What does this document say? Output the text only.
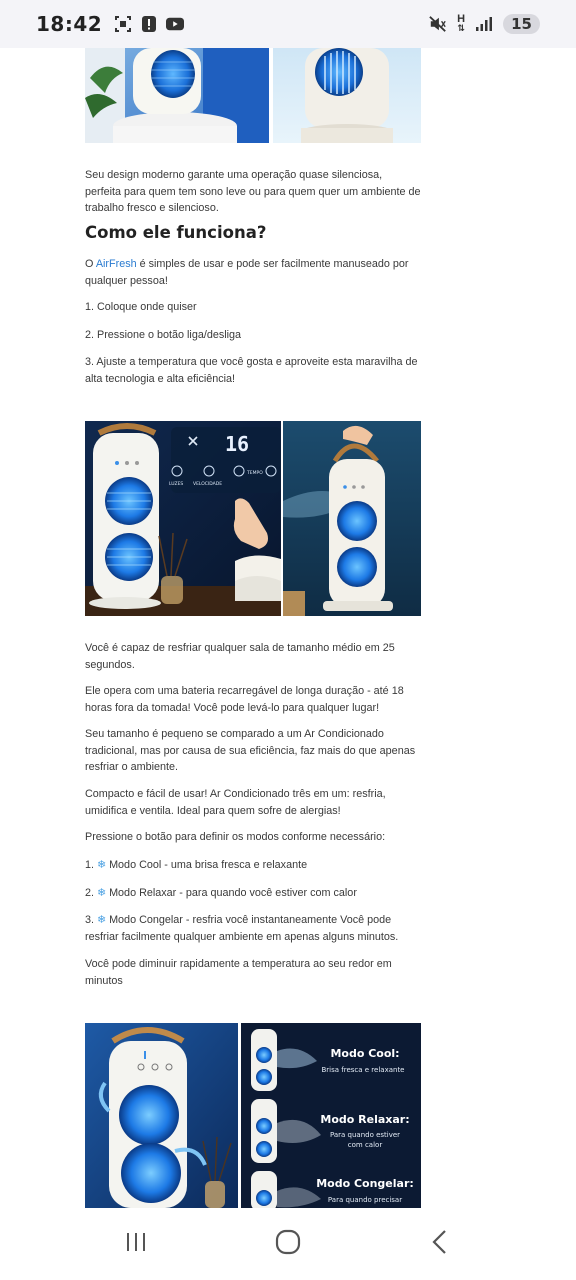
18:42	H
⇅	15

Seu design moderno garante uma operação quase silenciosa, perfeita para quem tem sono leve ou para quem quer um ambiente de trabalho fresco e silencioso.

Como ele funciona?

O AirFresh é simples de usar e pode ser facilmente manuseado por qualquer pessoa!

1. Coloque onde quiser

2. Pressione o botão liga/desliga

3. Ajuste a temperatura que você gosta e aproveite esta maravilha de alta tecnologia e alta eficiência!

16
LUZES VELOCIDADE
TEMPO

Você é capaz de resfriar qualquer sala de tamanho médio em 25 segundos.

Ele opera com uma bateria recarregável de longa duração - até 18 horas fora da tomada! Você pode levá-lo para qualquer lugar!

Seu tamanho é pequeno se comparado a um Ar Condicionado tradicional, mas por causa de sua eficiência, faz mais do que apenas resfriar o ambiente.

Compacto e fácil de usar! Ar Condicionado três em um: resfria, umidifica e ventila. Ideal para quem sofre de alergias!

Pressione o botão para definir os modos conforme necessário:

1. ❄ Modo Cool - uma brisa fresca e relaxante

2. ❄ Modo Relaxar - para quando você estiver com calor

3. ❄ Modo Congelar - resfria você instantaneamente Você pode resfriar facilmente qualquer ambiente em apenas alguns minutos.

Você pode diminuir rapidamente a temperatura ao seu redor em minutos

Modo Cool:
Brisa fresca e relaxante
Modo Relaxar:
Para quando estiver
com calor
Modo Congelar:
Para quando precisar
